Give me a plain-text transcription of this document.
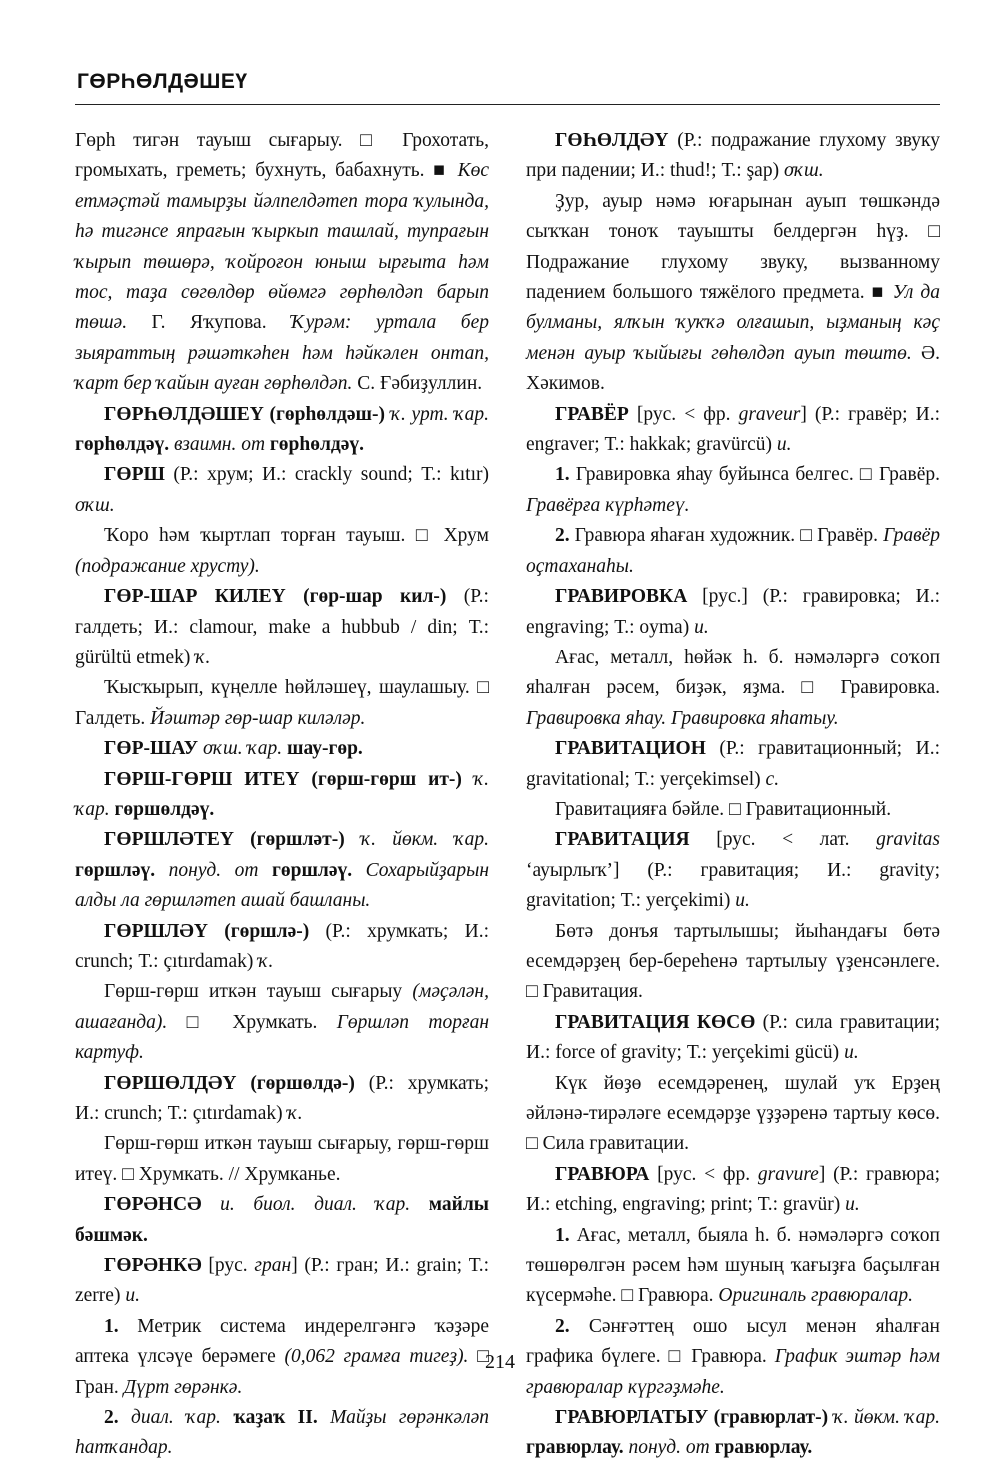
ГӨРҺӨЛДӘШЕҮ

Гөрһ тигән тауыш сығарыу. □ Грохотать, громыхать, греметь; бухнуть, бабахнуть. ■ Көс етмәҫтәй тамырҙы йәлпелдәтеп тора ҡулында, һә тигәнсе япрағын ҡыркып ташлай, тупрағын ҡырып төшөрә, ҡойроғон юныш ырғыта һәм тос, таҙа сөгөлдөр өйөмгә гөрһөлдәп барып төшә. Г. Яҡупова. Ҡурәм: уртала бер зыяраттың рәшәткәһен һәм һәйкәлен онтап, ҡарт бер ҡайын ауған гөрһөлдәп. С. Ғәбиҙуллин.

ГӨРҺӨЛДӘШЕҮ (гөрһөлдәш-) ҡ. урт. ҡар. гөрһөлдәү. взаимн. от гөрһөлдәү.

ГӨРШ (Р.: хрум; И.: crackly sound; Т.: kıtır) оҡш.

Ҡоро һәм ҡыртлап торған тауыш. □ Хрум (подражание хрусту).

ГӨР-ШАР КИЛЕҮ (гөр-шар кил-) (Р.: галдеть; И.: clamour, make a hubbub / din; Т.: gürültü etmek) ҡ.

Ҡысҡырып, күңелле һөйләшеү, шаулашыу. □ Галдеть. Йәштәр гөр-шар киләләр.

ГӨР-ШАУ оҡш. ҡар. шау-гөр.

ГӨРШ-ГӨРШ ИТЕҮ (гөрш-гөрш ит-) ҡ. ҡар. гөршөлдәү.

ГӨРШЛӘТЕҮ (гөршләт-) ҡ. йөкм. ҡар. гөршләү. понуд. от гөршләү. Сохарыйҙарын алды ла гөршләтеп ашай башланы.

ГӨРШЛӘҮ (гөршлә-) (Р.: хрумкать; И.: crunch; Т.: çıtırdamak) ҡ.

Гөрш-гөрш иткән тауыш сығарыу (мәҫәлән, ашағанда). □ Хрумкать. Гөршләп торған картуф.

ГӨРШӨЛДӘҮ (гөршөлдә-) (Р.: хрумкать; И.: crunch; Т.: çıtırdamak) ҡ.

Гөрш-гөрш иткән тауыш сығарыу, гөрш-гөрш итеү. □ Хрумкать. // Хрумканье.

ГӨРӘНСӘ и. биол. диал. ҡар. майлы бәшмәк.

ГӨРӘНКӘ [рус. гран] (Р.: гран; И.: grain; Т.: zerre) и.

1. Метрик система индерелгәнгә ҡәҙәре аптека үлсәүе берәмеге (0,062 грамға тигеҙ). □ Гран. Дүрт гөрәнкә.

2. диал. ҡар. ҡаҙаҡ II. Майҙы гөрәнкәләп һатҡандар.

ГӨҺӨЛДӘҮ (Р.: подражание глухому звуку при падении; И.: thud!; Т.: şap) оҡш.

Ҙур, ауыр нәмә юғарынан ауып төшкәндә сыҡҡан тоноҡ тауышты белдергән һүҙ. □ Подражание глухому звуку, вызванному падением большого тяжёлого предмета. ■ Ул да булманы, ялҡын ҡуҡҡә олғашып, ыҙманың кәҫ менән ауыр ҡыйығы гөһөлдәп ауып төштө. Ә. Хәкимов.

ГРАВЁР [рус. < фр. graveur] (Р.: гравёр; И.: engraver; Т.: hakkak; gravürcü) и.

1. Гравировка яһау буйынса белгес. □ Гравёр. Гравёрға күрһәтеү.

2. Гравюра яһаған художник. □ Гравёр. Гравёр оҫтаханаһы.

ГРАВИРОВКА [рус.] (Р.: гравировка; И.: engraving; Т.: oyma) и.

Ағас, металл, һөйәк h. б. нәмәләргә соҡоп яһалған рәсем, биҙәк, яҙма. □ Гравировка. Гравировка яһау. Гравировка яһатыу.

ГРАВИТАЦИОН (Р.: гравитационный; И.: gravitational; Т.: yerçekimsel) с.

Гравитацияға бәйле. □ Гравитационный.

ГРАВИТАЦИЯ [рус. < лат. gravitas ‘ауырлыҡ’] (Р.: гравитация; И.: gravity; gravitation; Т.: yerçekimi) и.

Бөтә донъя тартылышы; йыһандағы бөтә есемдәрҙең бер-береһенә тартылыу үҙенсәнлеге. □ Гравитация.

ГРАВИТАЦИЯ КӨСӨ (Р.: сила гравитации; И.: force of gravity; Т.: yerçekimi gücü) и.

Күк йөҙө есемдәренең, шулай уҡ Ерҙең әйләнә-тирәләге есемдәрҙе үҙҙәренә тартыу көсө. □ Сила гравитации.

ГРАВЮРА [рус. < фр. gravure] (Р.: гравюра; И.: etching, engraving; print; Т.: gravür) и.

1. Ағас, металл, быяла h. б. нәмәләргә соҡоп төшөрөлгән рәсем һәм шуның ҡағыҙға баҫылған күсермәһе. □ Гравюра. Оригиналь гравюралар.

2. Сәнғәттең ошо ысул менән яһалған графика бүлеге. □ Гравюра. График эштәр һәм гравюралар күргәҙмәһе.

ГРАВЮРЛАТЫУ (гравюрлат-) ҡ. йөкм. ҡар. гравюрлау. понуд. от гравюрлау.

214
